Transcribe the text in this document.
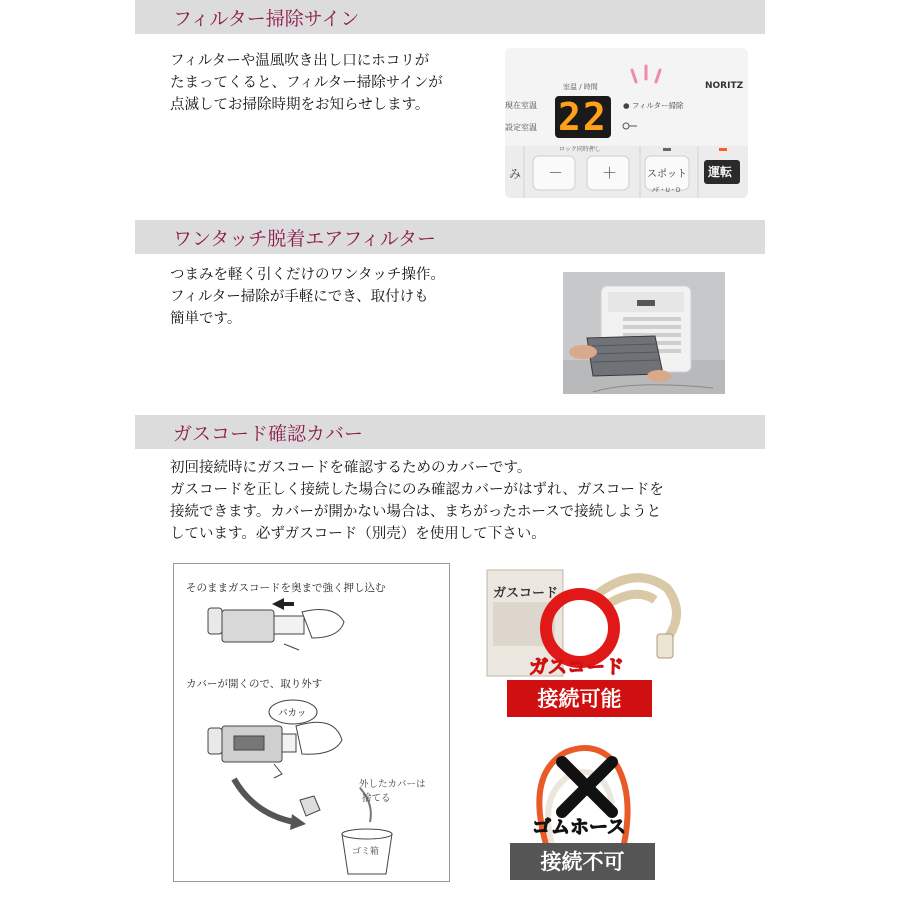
フィルター掃除サイン
フィルターや温風吹き出し口にホコリが
たまってくると、フィルター掃除サインが
点滅してお掃除時期をお知らせします。
室温 / 時間
22
現在室温
設定室温
● フィルター掃除
NORITZ
ロック同時押し
み －	＋	スポット
↗F・U・D
運転
ワンタッチ脱着エアフィルター
つまみを軽く引くだけのワンタッチ操作。
フィルター掃除が手軽にでき、取付けも
簡単です。
ガスコード確認カバー
初回接続時にガスコードを確認するためのカバーです。
ガスコードを正しく接続した場合にのみ確認カバーがはずれ、ガスコードを
接続できます。カバーが開かない場合は、まちがったホースで接続しようと
しています。必ずガスコード（別売）を使用して下さい。
そのままガスコードを奥まで強く押し込む
カバーが開くので、取り外す
パカッ
外したカバーは
捨てる
ゴミ箱
ガスコード
ガスコード
接続可能
ゴムホース
接続不可
